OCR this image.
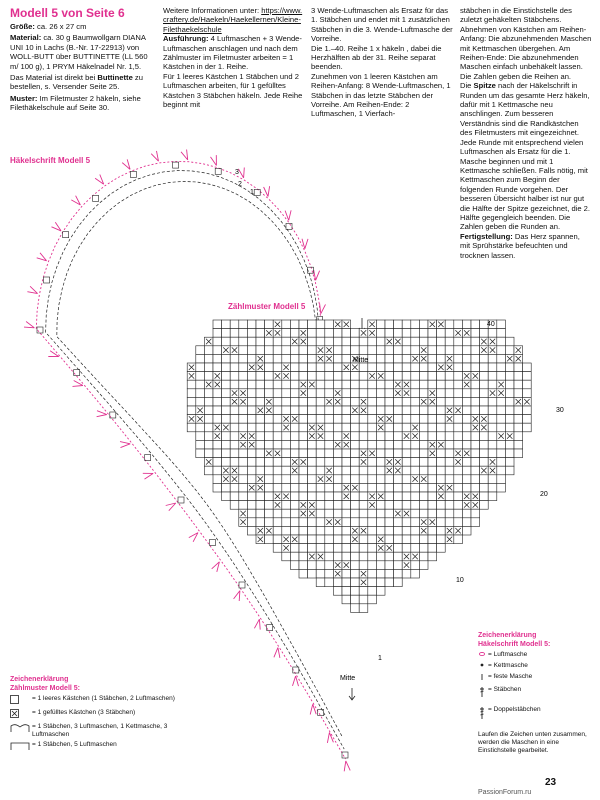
Modell 5 von Seite 6

Größe: ca. 26 x 27 cm

Material: ca. 30 g Baumwollgarn DIANA UNI 10 in Lachs (B.-Nr. 17-22913) von WOLL-BUTT über BUTTINETTE (LL 560 m/ 100 g), 1 PRYM Häkelnadel Nr. 1,5.

Das Material ist direkt bei Buttinette zu bestellen, s. Versender Seite 25.

Muster: Im Filetmuster 2 häkeln, siehe Filethäkelschule auf Seite 30.

Weitere Informationen unter: https://www.craftery.de/Haekeln/Haekellernen/Kleine-Filethaekelschule

Ausführung: 4 Luftmaschen + 3 Wende-Luftmaschen anschlagen und nach dem Zählmuster im Filetmuster arbeiten = 1 Kästchen in der 1. Reihe.

Für 1 leeres Kästchen 1 Stäbchen und 2 Luftmaschen arbeiten, für 1 gefülltes Kästchen 3 Stäbchen häkeln. Jede Reihe beginnt mit

3 Wende-Luftmaschen als Ersatz für das 1. Stäbchen und endet mit 1 zusätzlichen Stäbchen in die 3. Wende-Luftmasche der Vorreihe.

Die 1.–40. Reihe 1 x häkeln , dabei die Herzhälften ab der 31. Reihe separat beenden.

Zunehmen von 1 leeren Kästchen am Reihen-Anfang: 8 Wende-Luftmaschen, 1 Stäbchen in das letzte Stäbchen der Vorreihe. Am Reihen-Ende: 2 Luftmaschen, 1 Vierfach-

stäbchen in die Einstichstelle des zuletzt gehäkelten Stäbchens. Abnehmen von Kästchen am Reihen-Anfang: Die abzunehmenden Maschen mit Kettmaschen übergehen. Am Reihen-Ende: Die abzunehmenden Maschen einfach unbehäkelt lassen. Die Zahlen geben die Reihen an.

Die Spitze nach der Häkelschrift in Runden um das gesamte Herz häkeln, dafür mit 1 Kettmasche neu anschlingen. Zum besseren Verständnis sind die Randkästchen des Filetmusters mit eingezeichnet. Jede Runde mit entsprechend vielen Luftmaschen als Ersatz für die 1. Masche beginnen und mit 1 Kettmasche schließen. Falls nötig, mit Kettmaschen zum Beginn der folgenden Runde vorgehen. Der besseren Übersicht halber ist nur gut die Hälfte der Spitze gezeichnet, die 2. Hälfte gegengleich beenden. Die Zahlen geben die Runden an.

Fertigstellung: Das Herz spannen, mit Sprühstärke befeuchten und trocknen lassen.

Häkelschrift Modell 5
Zählmuster Modell 5
40
30
20
10
1
Mitte
Mitte
3
2
1
Zeichenerklärung
Zählmuster Modell 5:
= 1 leeres Kästchen (1 Stäbchen, 2 Luftmaschen)
= 1 gefülltes Kästchen (3 Stäbchen)
= 1 Stäbchen, 3 Luftmaschen, 1 Kettmasche, 3 Luftmaschen
= 1 Stäbchen, 5 Luftmaschen
Zeichenerklärung
Häkelschrift Modell 5:
= Luftmasche
= Kettmasche
= feste Masche
= Stäbchen
= Doppelstäbchen
Laufen die Zeichen unten zusammen, werden die Maschen in eine Einstichstelle gearbeitet.
23
PassionForum.ru
